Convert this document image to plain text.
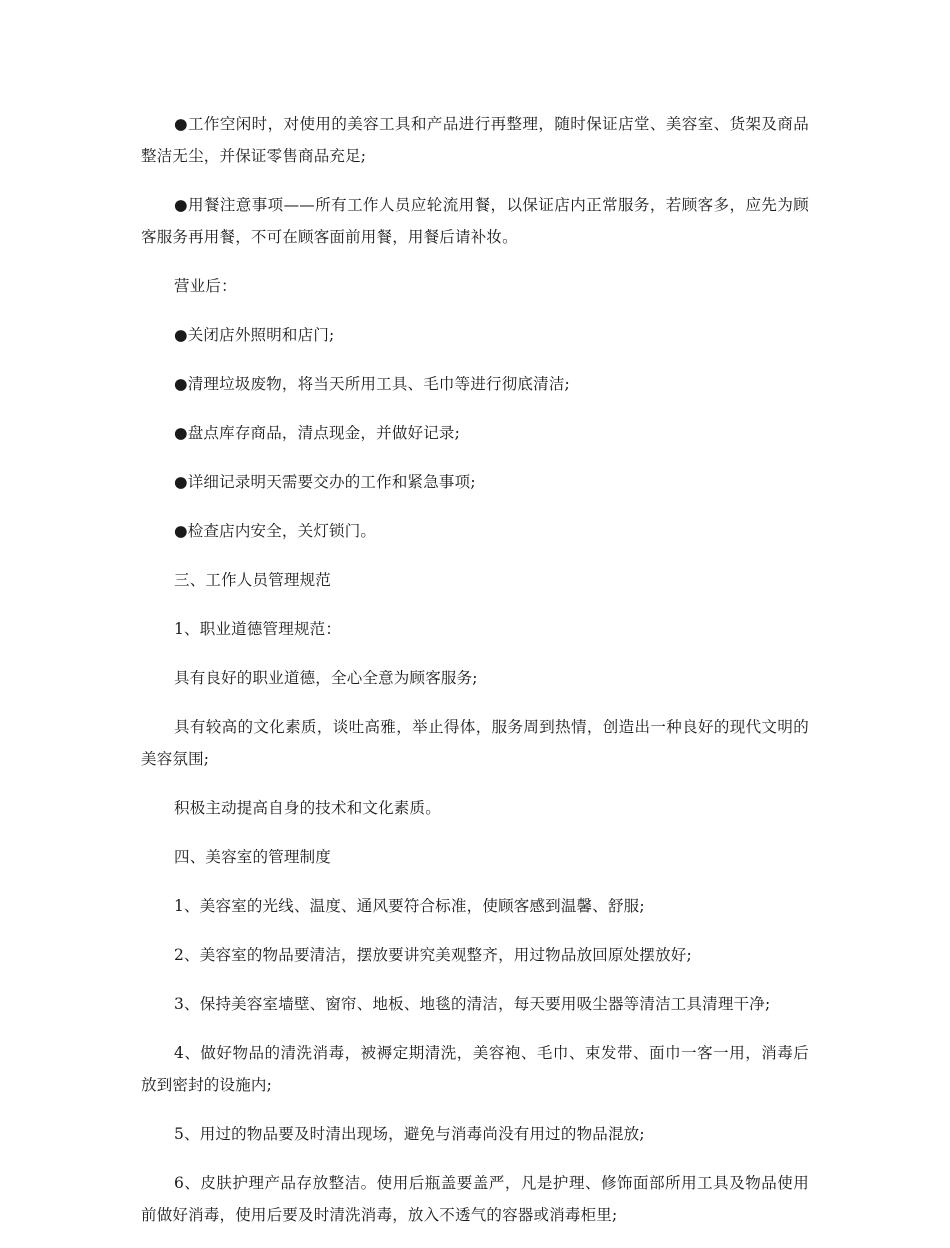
●工作空闲时，对使用的美容工具和产品进行再整理，随时保证店堂、美容室、货架及商品整洁无尘，并保证零售商品充足;

●用餐注意事项——所有工作人员应轮流用餐，以保证店内正常服务，若顾客多，应先为顾客服务再用餐，不可在顾客面前用餐，用餐后请补妆。

营业后：

●关闭店外照明和店门;

●清理垃圾废物，将当天所用工具、毛巾等进行彻底清洁;

●盘点库存商品，清点现金，并做好记录;

●详细记录明天需要交办的工作和紧急事项;

●检查店内安全，关灯锁门。

三、工作人员管理规范

1、职业道德管理规范：

具有良好的职业道德，全心全意为顾客服务;

具有较高的文化素质，谈吐高雅，举止得体，服务周到热情，创造出一种良好的现代文明的美容氛围;

积极主动提高自身的技术和文化素质。

四、美容室的管理制度

1、美容室的光线、温度、通风要符合标准，使顾客感到温馨、舒服;

2、美容室的物品要清洁，摆放要讲究美观整齐，用过物品放回原处摆放好;

3、保持美容室墙壁、窗帘、地板、地毯的清洁，每天要用吸尘器等清洁工具清理干净;

4、做好物品的清洗消毒，被褥定期清洗，美容袍、毛巾、束发带、面巾一客一用，消毒后放到密封的设施内;

5、用过的物品要及时清出现场，避免与消毒尚没有用过的物品混放;

6、皮肤护理产品存放整洁。使用后瓶盖要盖严，凡是护理、修饰面部所用工具及物品使用前做好消毒，使用后要及时清洗消毒，放入不透气的容器或消毒柜里;
